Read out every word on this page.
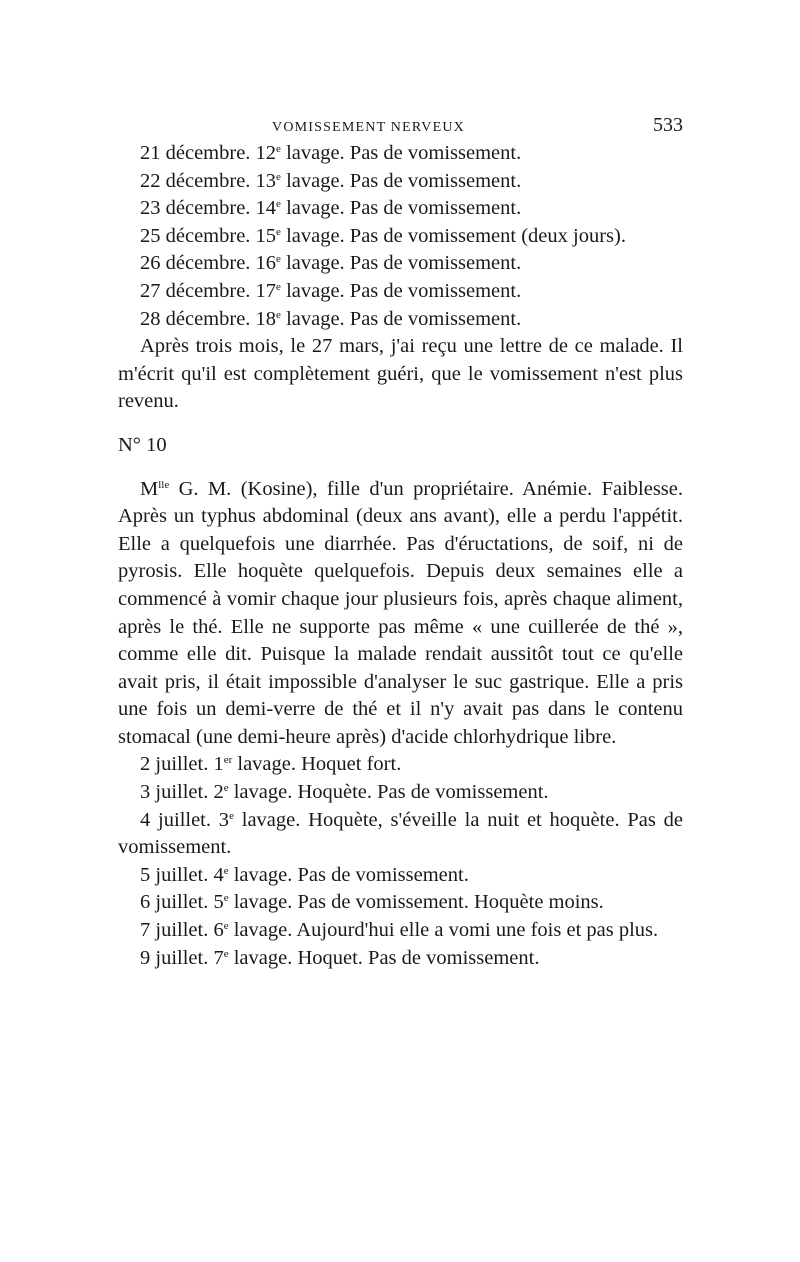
VOMISSEMENT NERVEUX	533

21 décembre. 12e lavage. Pas de vomissement.

22 décembre. 13e lavage. Pas de vomissement.

23 décembre. 14e lavage. Pas de vomissement.

25 décembre. 15e lavage. Pas de vomissement (deux jours).

26 décembre. 16e lavage. Pas de vomissement.

27 décembre. 17e lavage. Pas de vomissement.

28 décembre. 18e lavage. Pas de vomissement.

Après trois mois, le 27 mars, j'ai reçu une lettre de ce malade. Il m'écrit qu'il est complètement guéri, que le vomissement n'est plus revenu.

N° 10

$M^{lle}$ G. M. (Kosine), fille d'un propriétaire. Anémie. Faiblesse. Après un typhus abdominal (deux ans avant), elle a perdu l'appétit. Elle a quelquefois une diarrhée. Pas d'éructations, de soif, ni de pyrosis. Elle hoquète quelquefois. Depuis deux semaines elle a commencé à vomir chaque jour plusieurs fois, après chaque aliment, après le thé. Elle ne supporte pas même « une cuillerée de thé », comme elle dit. Puisque la malade rendait aussitôt tout ce qu'elle avait pris, il était impossible d'analyser le suc gastrique. Elle a pris une fois un demi-verre de thé et il n'y avait pas dans le contenu stomacal (une demi-heure après) d'acide chlorhydrique libre.

2 juillet. 1er lavage. Hoquet fort.

3 juillet. 2e lavage. Hoquète. Pas de vomissement.

4 juillet. 3e lavage. Hoquète, s'éveille la nuit et hoquète. Pas de vomissement.

5 juillet. 4e lavage. Pas de vomissement.

6 juillet. 5e lavage. Pas de vomissement. Hoquète moins.

7 juillet. 6e lavage. Aujourd'hui elle a vomi une fois et pas plus.

9 juillet. 7e lavage. Hoquet. Pas de vomissement.
